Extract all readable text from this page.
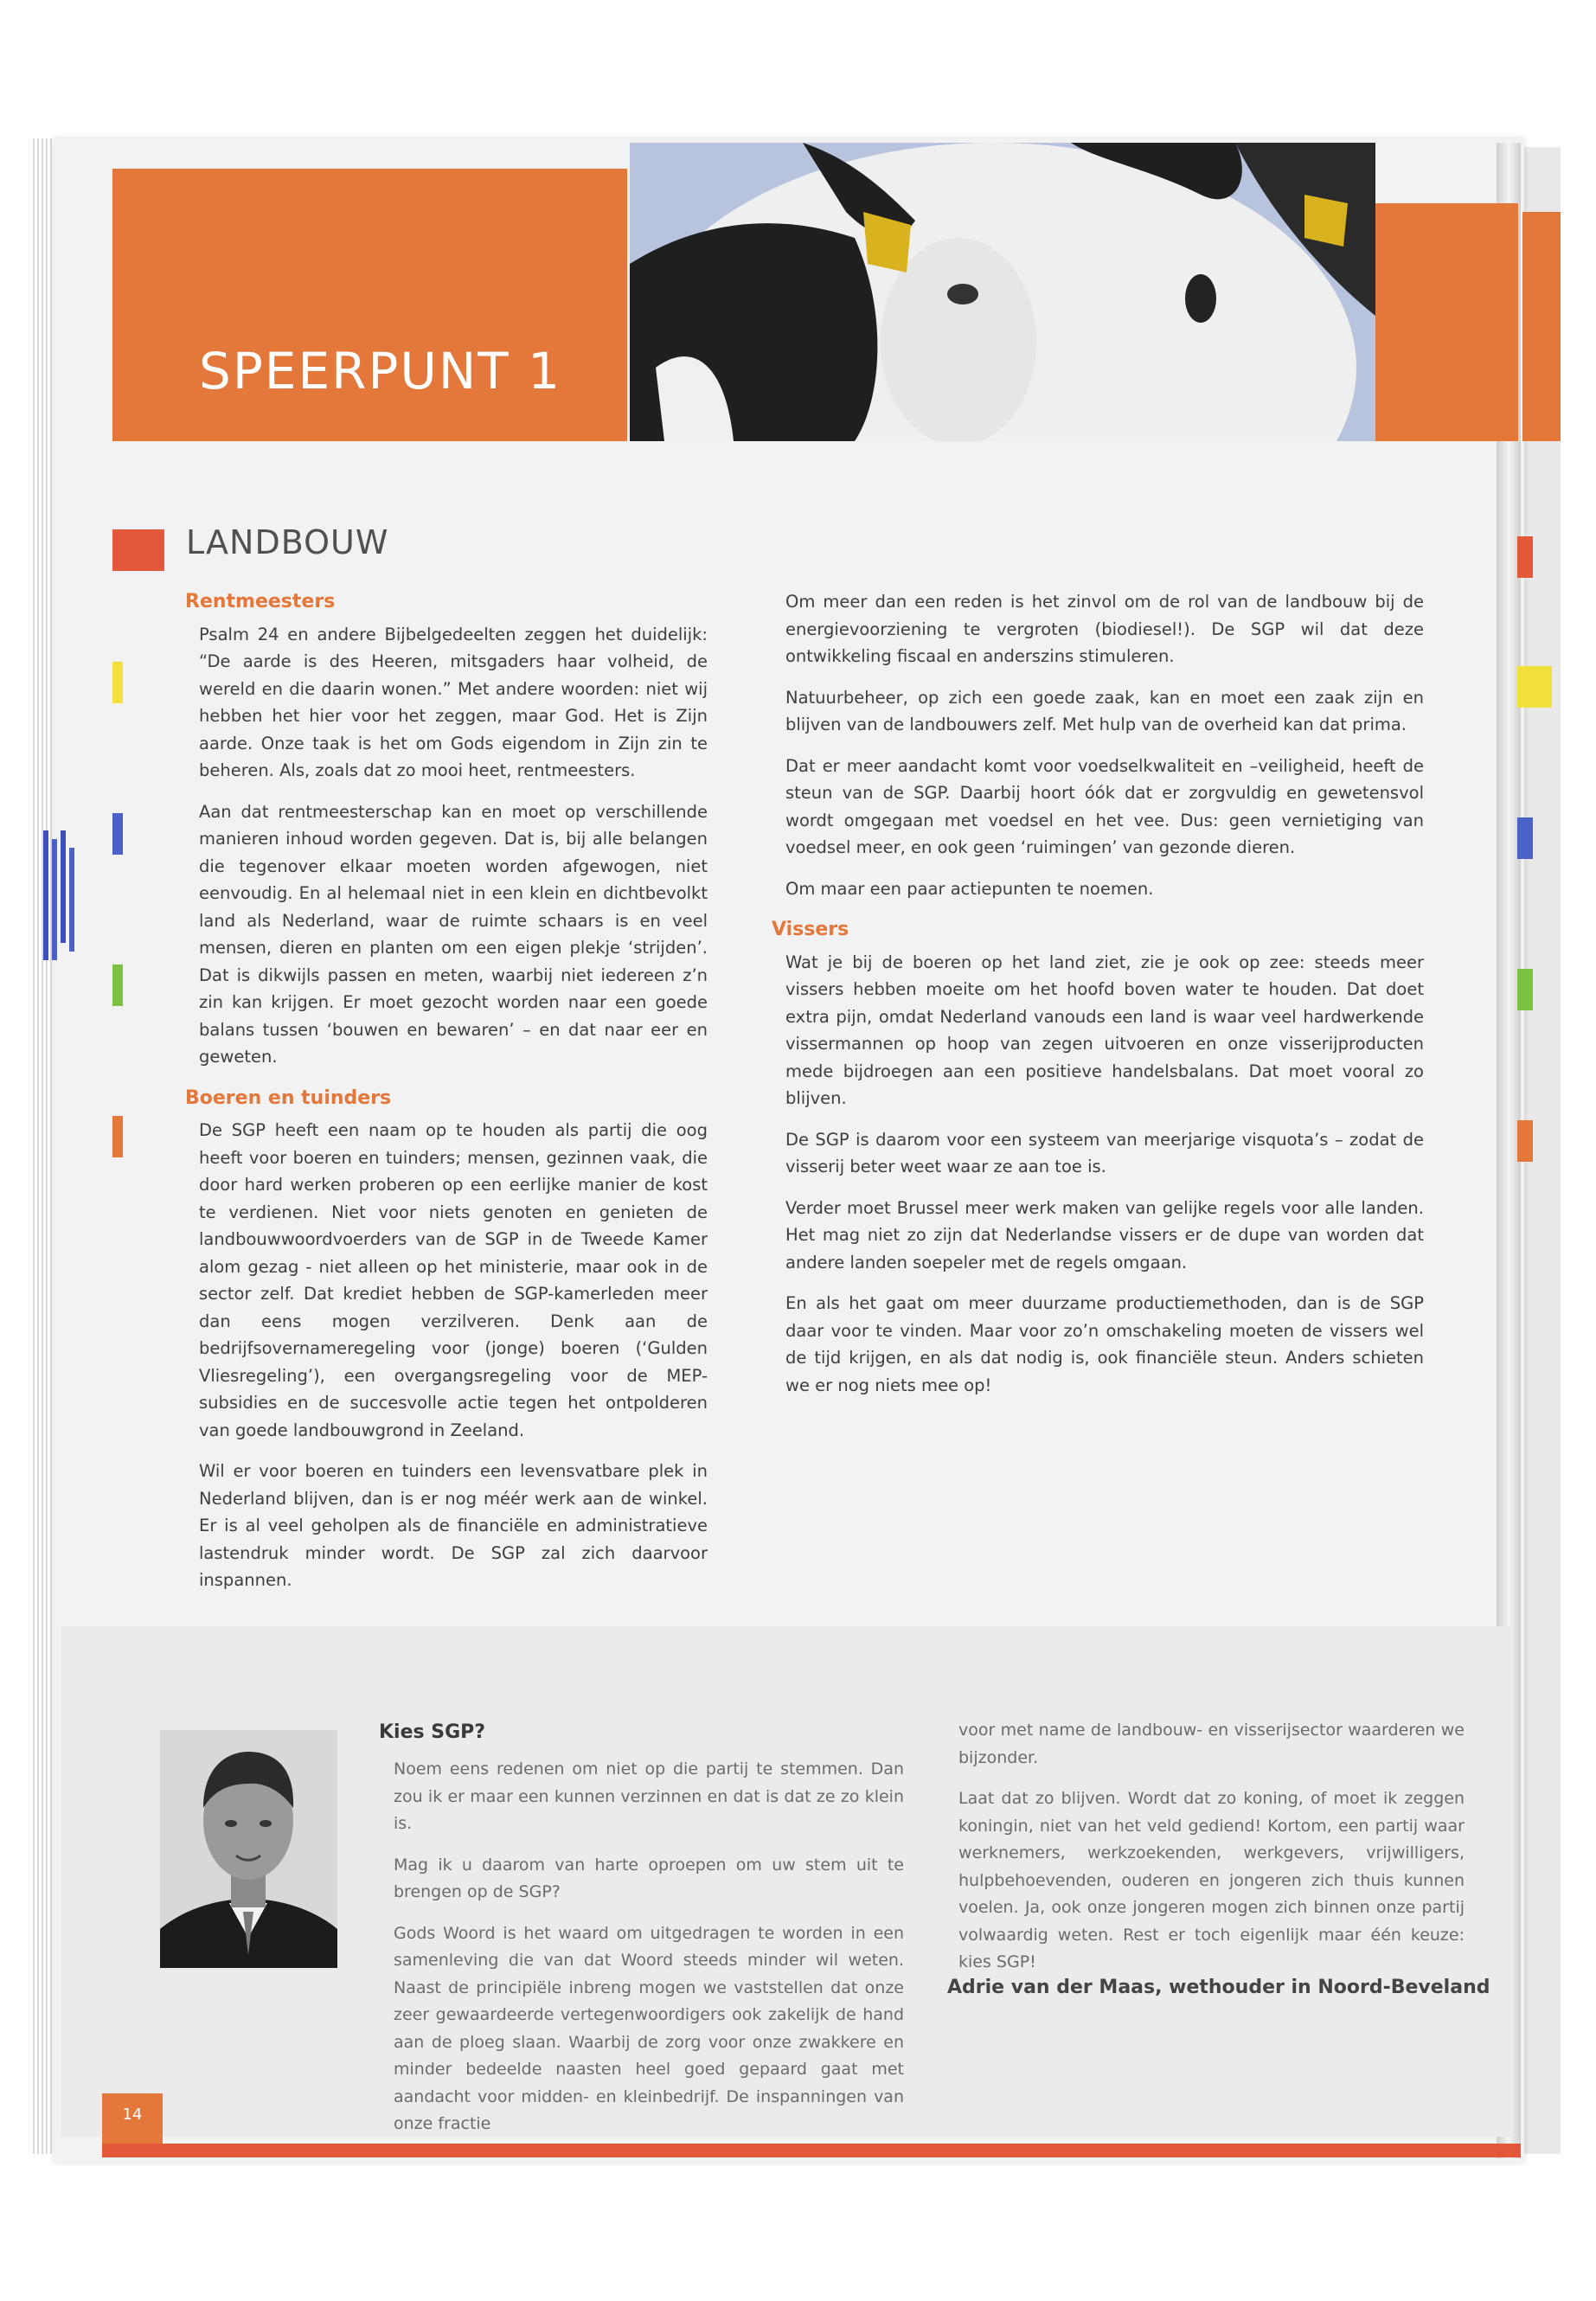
SPEERPUNT 1
LANDBOUW
Rentmeesters

Psalm 24 en andere Bijbelgedeelten zeggen het duidelijk: “De aarde is des Heeren, mitsgaders haar volheid, de wereld en die daarin wonen.” Met andere woorden: niet wij hebben het hier voor het zeggen, maar God. Het is Zijn aarde. Onze taak is het om Gods eigendom in Zijn zin te beheren. Als, zoals dat zo mooi heet, rentmeesters.

Aan dat rentmeesterschap kan en moet op verschillende manieren inhoud worden gegeven. Dat is, bij alle belangen die tegenover elkaar moeten worden afgewogen, niet eenvoudig. En al helemaal niet in een klein en dichtbevolkt land als Nederland, waar de ruimte schaars is en veel mensen, dieren en planten om een eigen plekje ‘strijden’. Dat is dikwijls passen en meten, waarbij niet iedereen z’n zin kan krijgen. Er moet gezocht worden naar een goede balans tussen ‘bouwen en bewaren’ – en dat naar eer en geweten.

Boeren en tuinders

De SGP heeft een naam op te houden als partij die oog heeft voor boeren en tuinders; mensen, gezinnen vaak, die door hard werken proberen op een eerlijke manier de kost te verdienen. Niet voor niets genoten en genieten de landbouwwoordvoerders van de SGP in de Tweede Kamer alom gezag - niet alleen op het ministerie, maar ook in de sector zelf. Dat krediet hebben de SGP-kamerleden meer dan eens mogen verzilveren. Denk aan de bedrijfsovernameregeling voor (jonge) boeren (‘Gulden Vliesregeling’), een overgangsregeling voor de MEP-subsidies en de succesvolle actie tegen het ontpolderen van goede landbouwgrond in Zeeland.

Wil er voor boeren en tuinders een levensvatbare plek in Nederland blijven, dan is er nog méér werk aan de winkel. Er is al veel geholpen als de financiële en administratieve lastendruk minder wordt. De SGP zal zich daarvoor inspannen.

Om meer dan een reden is het zinvol om de rol van de landbouw bij de energievoorziening te vergroten (biodiesel!). De SGP wil dat deze ontwikkeling fiscaal en anderszins stimuleren.

Natuurbeheer, op zich een goede zaak, kan en moet een zaak zijn en blijven van de landbouwers zelf. Met hulp van de overheid kan dat prima.

Dat er meer aandacht komt voor voedselkwaliteit en –veiligheid, heeft de steun van de SGP. Daarbij hoort óók dat er zorgvuldig en gewetensvol wordt omgegaan met voedsel en het vee. Dus: geen vernietiging van voedsel meer, en ook geen ‘ruimingen’ van gezonde dieren.

Om maar een paar actiepunten te noemen.

Vissers

Wat je bij de boeren op het land ziet, zie je ook op zee: steeds meer vissers hebben moeite om het hoofd boven water te houden. Dat doet extra pijn, omdat Nederland vanouds een land is waar veel hardwerkende vissermannen op hoop van zegen uitvoeren en onze visserijproducten mede bijdroegen aan een positieve handelsbalans. Dat moet vooral zo blijven.

De SGP is daarom voor een systeem van meerjarige visquota’s – zodat de visserij beter weet waar ze aan toe is.

Verder moet Brussel meer werk maken van gelijke regels voor alle landen. Het mag niet zo zijn dat Nederlandse vissers er de dupe van worden dat andere landen soepeler met de regels omgaan.

En als het gaat om meer duurzame productiemethoden, dan is de SGP daar voor te vinden. Maar voor zo’n omschakeling moeten de vissers wel de tijd krijgen, en als dat nodig is, ook financiële steun. Anders schieten we er nog niets mee op!

Kies SGP?

Noem eens redenen om niet op die partij te stemmen. Dan zou ik er maar een kunnen verzinnen en dat is dat ze zo klein is.

Mag ik u daarom van harte oproepen om uw stem uit te brengen op de SGP?

Gods Woord is het waard om uitgedragen te worden in een samenleving die van dat Woord steeds minder wil weten. Naast de principiële inbreng mogen we vaststellen dat onze zeer gewaardeerde vertegenwoordigers ook zakelijk de hand aan de ploeg slaan. Waarbij de zorg voor onze zwakkere en minder bedeelde naasten heel goed gepaard gaat met aandacht voor midden- en kleinbedrijf. De inspanningen van onze fractie

voor met name de landbouw- en visserijsector waarderen we bijzonder.

Laat dat zo blijven. Wordt dat zo koning, of moet ik zeggen koningin, niet van het veld gediend! Kortom, een partij waar werknemers, werkzoekenden, werkgevers, vrijwilligers, hulpbehoevenden, ouderen en jongeren zich thuis kunnen voelen. Ja, ook onze jongeren mogen zich binnen onze partij volwaardig weten. Rest er toch eigenlijk maar één keuze: kies SGP!

Adrie van der Maas, wethouder in Noord-Beveland
14
